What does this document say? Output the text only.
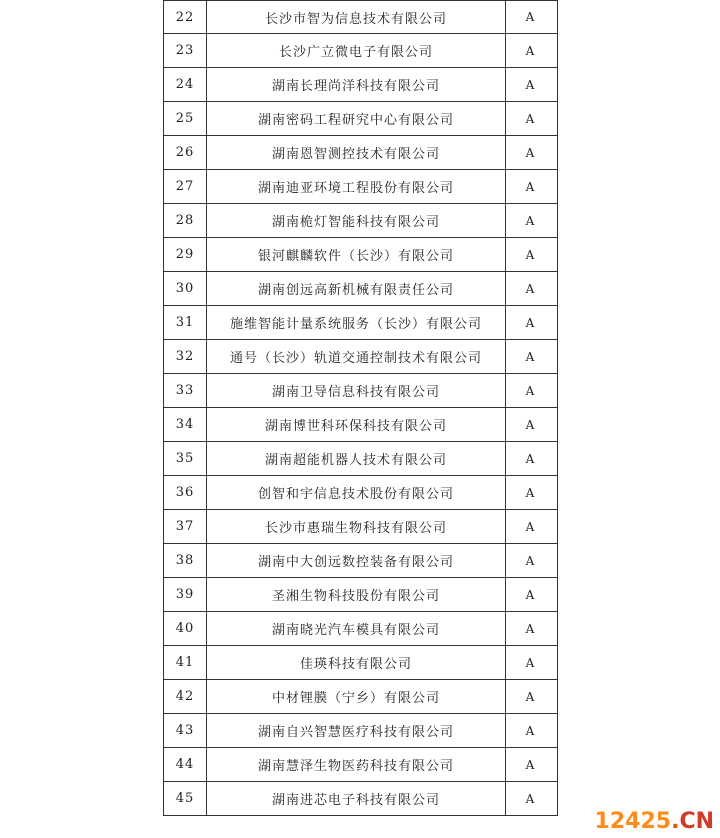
22	长沙市智为信息技术有限公司	A
23	长沙广立微电子有限公司	A
24	湖南长理尚洋科技有限公司	A
25	湖南密码工程研究中心有限公司	A
26	湖南恩智测控技术有限公司	A
27	湖南迪亚环境工程股份有限公司	A
28	湖南桅灯智能科技有限公司	A
29	银河麒麟软件（长沙）有限公司	A
30	湖南创远高新机械有限责任公司	A
31	施维智能计量系统服务（长沙）有限公司	A
32	通号（长沙）轨道交通控制技术有限公司	A
33	湖南卫导信息科技有限公司	A
34	湖南博世科环保科技有限公司	A
35	湖南超能机器人技术有限公司	A
36	创智和宇信息技术股份有限公司	A
37	长沙市惠瑞生物科技有限公司	A
38	湖南中大创远数控装备有限公司	A
39	圣湘生物科技股份有限公司	A
40	湖南晓光汽车模具有限公司	A
41	佳瑛科技有限公司	A
42	中材锂膜（宁乡）有限公司	A
43	湖南自兴智慧医疗科技有限公司	A
44	湖南慧泽生物医药科技有限公司	A
45	湖南进芯电子科技有限公司	A
12425.CN
